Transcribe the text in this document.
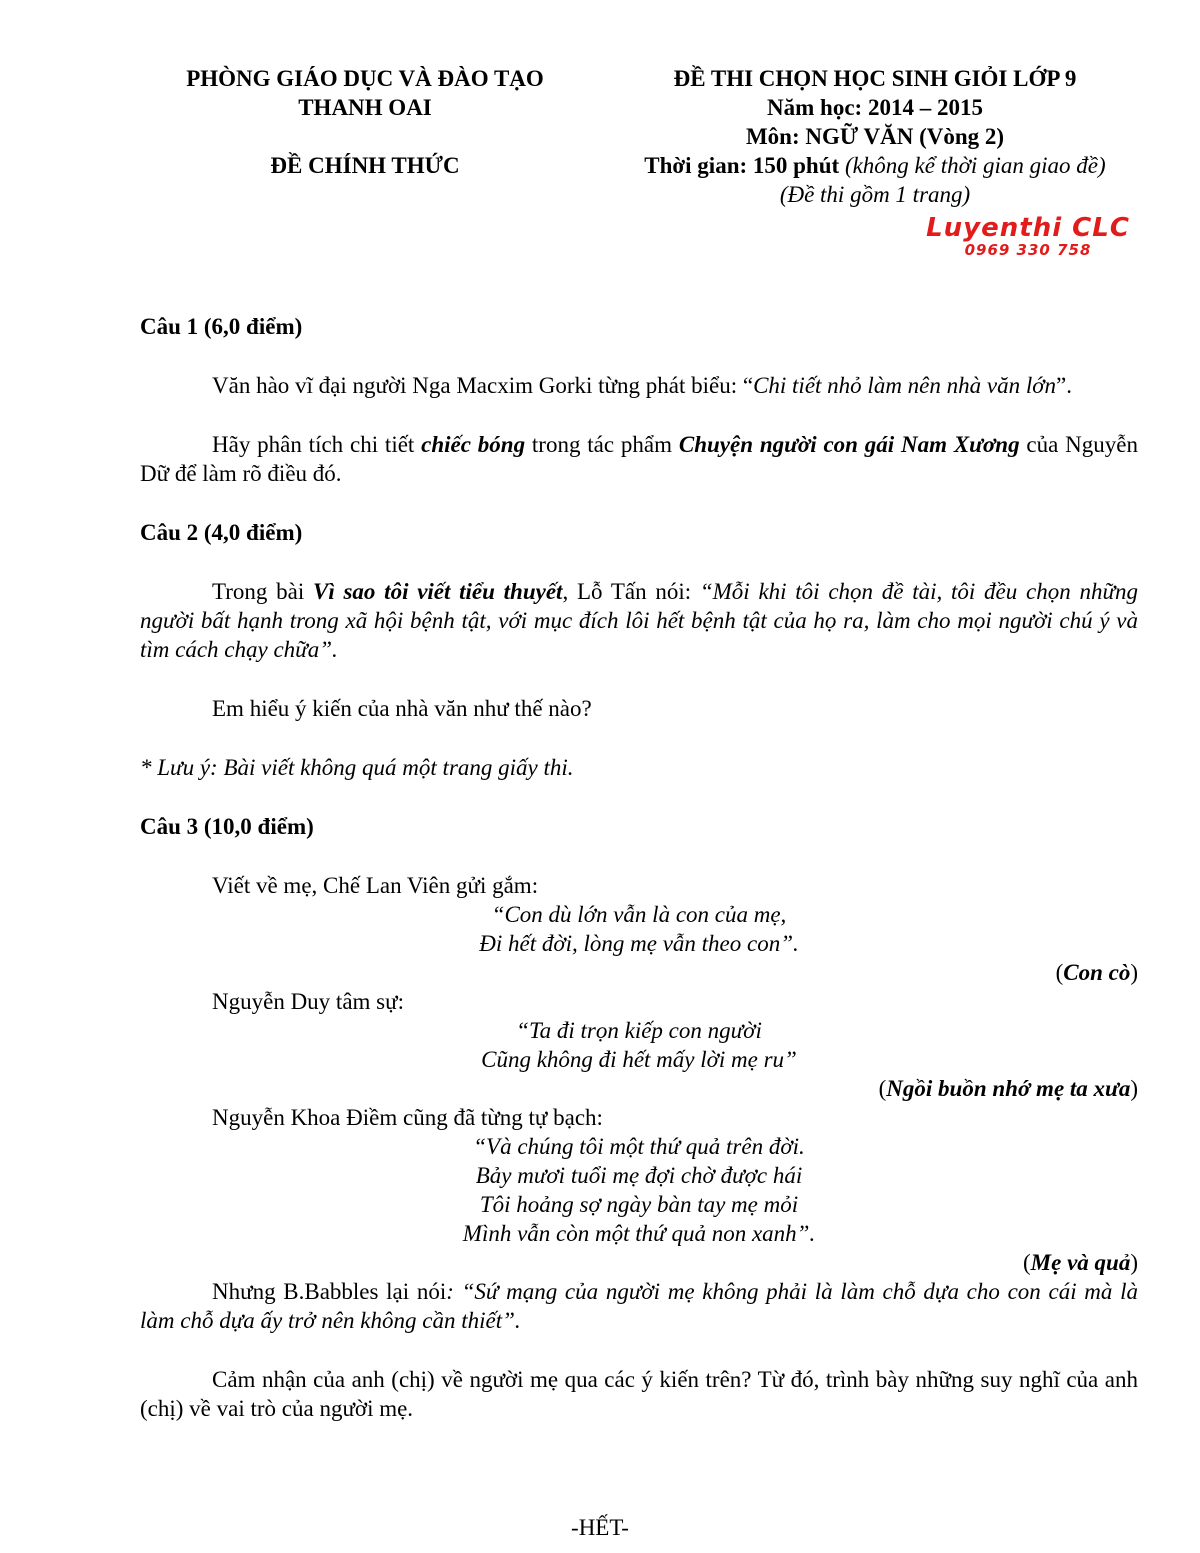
PHÒNG GIÁO DỤC VÀ ĐÀO TẠO
THANH OAI
ĐỀ CHÍNH THỨC
ĐỀ THI CHỌN HỌC SINH GIỎI LỚP 9
Năm học: 2014 – 2015
Môn: NGỮ VĂN (Vòng 2)
Thời gian: 150 phút (không kể thời gian giao đề)
(Đề thi gồm 1 trang)
Luyenthi CLC
0969 330 758

Câu 1 (6,0 điểm)

Văn hào vĩ đại người Nga Macxim Gorki từng phát biểu: “Chi tiết nhỏ làm nên nhà văn lớn”.

Hãy phân tích chi tiết chiếc bóng trong tác phẩm Chuyện người con gái Nam Xương của Nguyễn Dữ để làm rõ điều đó.

Câu 2 (4,0 điểm)

Trong bài Vì sao tôi viết tiểu thuyết, Lỗ Tấn nói: “Mỗi khi tôi chọn đề tài, tôi đều chọn những người bất hạnh trong xã hội bệnh tật, với mục đích lôi hết bệnh tật của họ ra, làm cho mọi người chú ý và tìm cách chạy chữa”.

Em hiểu ý kiến của nhà văn như thế nào?

* Lưu ý: Bài viết không quá một trang giấy thi.

Câu 3 (10,0 điểm)

Viết về mẹ, Chế Lan Viên gửi gắm:

“Con dù lớn vẫn là con của mẹ,
Đi hết đời, lòng mẹ vẫn theo con”.

(Con cò)

Nguyễn Duy tâm sự:

“Ta đi trọn kiếp con người
Cũng không đi hết mấy lời mẹ ru”

(Ngồi buồn nhớ mẹ ta xưa)

Nguyễn Khoa Điềm cũng đã từng tự bạch:

“Và chúng tôi một thứ quả trên đời.
Bảy mươi tuổi mẹ đợi chờ được hái
Tôi hoảng sợ ngày bàn tay mẹ mỏi
Mình vẫn còn một thứ quả non xanh”.

(Mẹ và quả)

Nhưng B.Babbles lại nói: “Sứ mạng của người mẹ không phải là làm chỗ dựa cho con cái mà là làm chỗ dựa ấy trở nên không cần thiết”.

Cảm nhận của anh (chị) về người mẹ qua các ý kiến trên? Từ đó, trình bày những suy nghĩ của anh (chị) về vai trò của người mẹ.

-HẾT-
